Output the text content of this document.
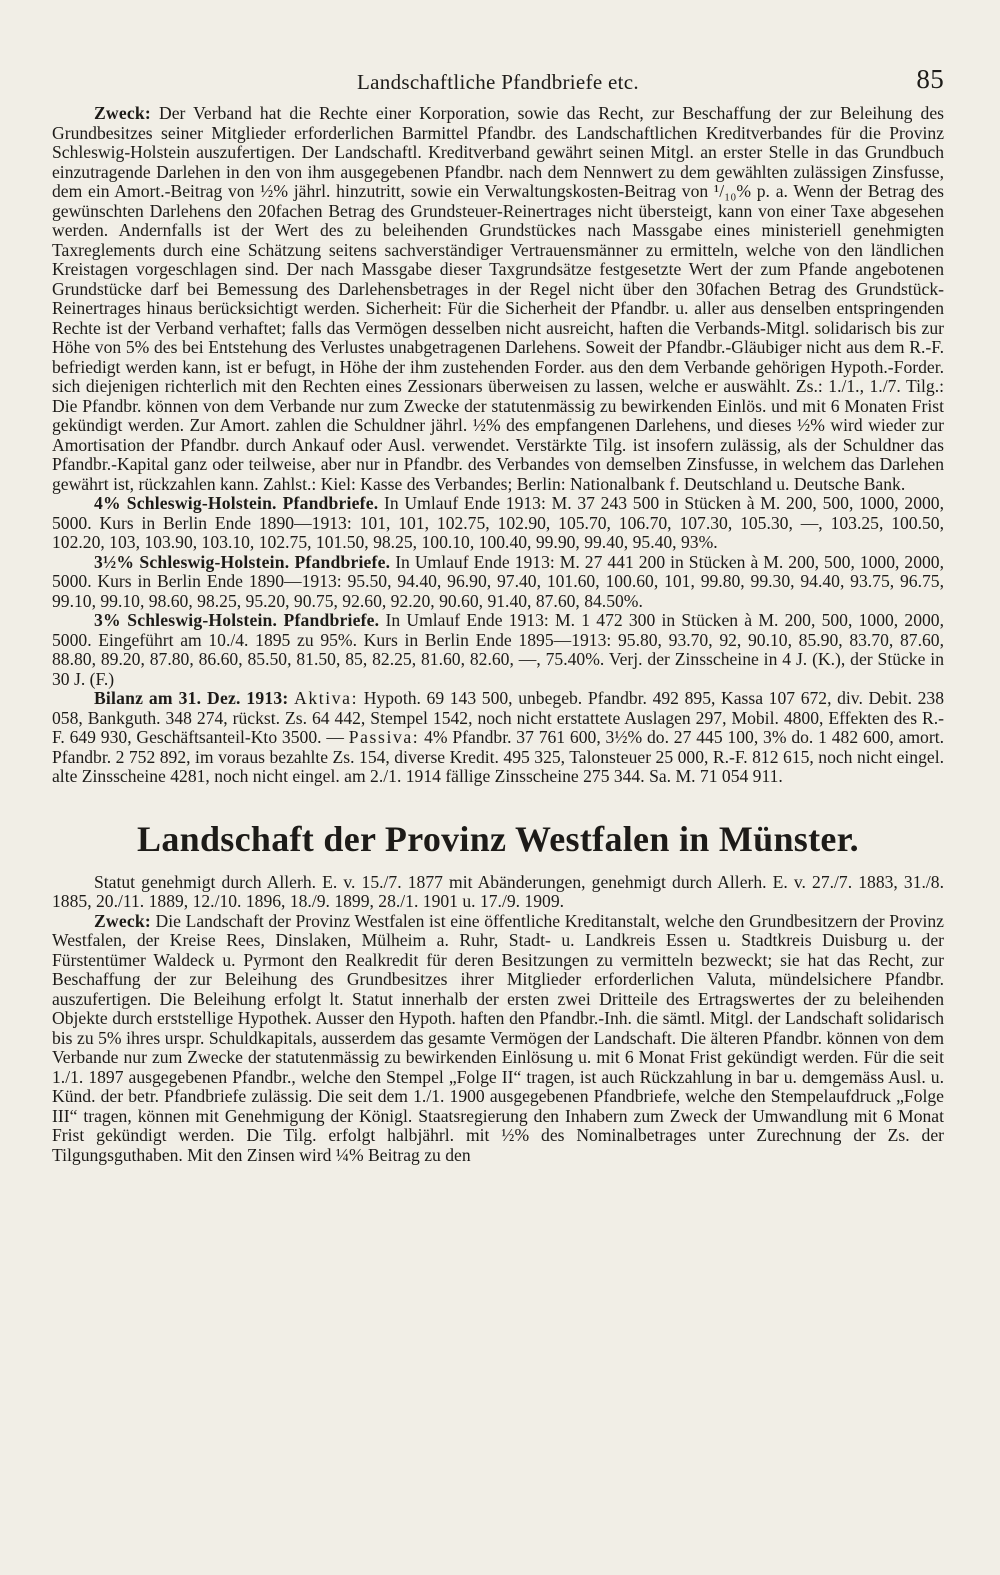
Landschaftliche Pfandbriefe etc.	85

Zweck: Der Verband hat die Rechte einer Korporation, sowie das Recht, zur Beschaffung der zur Beleihung des Grundbesitzes seiner Mitglieder erforderlichen Barmittel Pfandbr. des Landschaftlichen Kreditverbandes für die Provinz Schleswig-Holstein auszufertigen. Der Landschaftl. Kreditverband gewährt seinen Mitgl. an erster Stelle in das Grundbuch einzutragende Darlehen in den von ihm ausgegebenen Pfandbr. nach dem Nennwert zu dem gewählten zulässigen Zinsfusse, dem ein Amort.-Beitrag von ½% jährl. hinzutritt, sowie ein Verwaltungskosten-Beitrag von ¹/₁₀% p. a. Wenn der Betrag des gewünschten Darlehens den 20fachen Betrag des Grundsteuer-Reinertrages nicht übersteigt, kann von einer Taxe abgesehen werden. Andernfalls ist der Wert des zu beleihenden Grundstückes nach Massgabe eines ministeriell genehmigten Taxreglements durch eine Schätzung seitens sachverständiger Vertrauensmänner zu ermitteln, welche von den ländlichen Kreistagen vorgeschlagen sind. Der nach Massgabe dieser Taxgrundsätze festgesetzte Wert der zum Pfande angebotenen Grundstücke darf bei Bemessung des Darlehensbetrages in der Regel nicht über den 30fachen Betrag des Grundstück-Reinertrages hinaus berücksichtigt werden. Sicherheit: Für die Sicherheit der Pfandbr. u. aller aus denselben entspringenden Rechte ist der Verband verhaftet; falls das Vermögen desselben nicht ausreicht, haften die Verbands-Mitgl. solidarisch bis zur Höhe von 5% des bei Entstehung des Verlustes unabgetragenen Darlehens. Soweit der Pfandbr.-Gläubiger nicht aus dem R.-F. befriedigt werden kann, ist er befugt, in Höhe der ihm zustehenden Forder. aus den dem Verbande gehörigen Hypoth.-Forder. sich diejenigen richterlich mit den Rechten eines Zessionars überweisen zu lassen, welche er auswählt. Zs.: 1./1., 1./7. Tilg.: Die Pfandbr. können von dem Verbande nur zum Zwecke der statutenmässig zu bewirkenden Einlös. und mit 6 Monaten Frist gekündigt werden. Zur Amort. zahlen die Schuldner jährl. ½% des empfangenen Darlehens, und dieses ½% wird wieder zur Amortisation der Pfandbr. durch Ankauf oder Ausl. verwendet. Verstärkte Tilg. ist insofern zulässig, als der Schuldner das Pfandbr.-Kapital ganz oder teilweise, aber nur in Pfandbr. des Verbandes von demselben Zinsfusse, in welchem das Darlehen gewährt ist, rückzahlen kann. Zahlst.: Kiel: Kasse des Verbandes; Berlin: Nationalbank f. Deutschland u. Deutsche Bank.

4% Schleswig-Holstein. Pfandbriefe. In Umlauf Ende 1913: M. 37 243 500 in Stücken à M. 200, 500, 1000, 2000, 5000. Kurs in Berlin Ende 1890—1913: 101, 101, 102.75, 102.90, 105.70, 106.70, 107.30, 105.30, —, 103.25, 100.50, 102.20, 103, 103.90, 103.10, 102.75, 101.50, 98.25, 100.10, 100.40, 99.90, 99.40, 95.40, 93%.

3½% Schleswig-Holstein. Pfandbriefe. In Umlauf Ende 1913: M. 27 441 200 in Stücken à M. 200, 500, 1000, 2000, 5000. Kurs in Berlin Ende 1890—1913: 95.50, 94.40, 96.90, 97.40, 101.60, 100.60, 101, 99.80, 99.30, 94.40, 93.75, 96.75, 99.10, 99.10, 98.60, 98.25, 95.20, 90.75, 92.60, 92.20, 90.60, 91.40, 87.60, 84.50%.

3% Schleswig-Holstein. Pfandbriefe. In Umlauf Ende 1913: M. 1 472 300 in Stücken à M. 200, 500, 1000, 2000, 5000. Eingeführt am 10./4. 1895 zu 95%. Kurs in Berlin Ende 1895—1913: 95.80, 93.70, 92, 90.10, 85.90, 83.70, 87.60, 88.80, 89.20, 87.80, 86.60, 85.50, 81.50, 85, 82.25, 81.60, 82.60, —, 75.40%. Verj. der Zinsscheine in 4 J. (K.), der Stücke in 30 J. (F.)

Bilanz am 31. Dez. 1913: Aktiva: Hypoth. 69 143 500, unbegeb. Pfandbr. 492 895, Kassa 107 672, div. Debit. 238 058, Bankguth. 348 274, rückst. Zs. 64 442, Stempel 1542, noch nicht erstattete Auslagen 297, Mobil. 4800, Effekten des R.-F. 649 930, Geschäftsanteil-Kto 3500. — Passiva: 4% Pfandbr. 37 761 600, 3½% do. 27 445 100, 3% do. 1 482 600, amort. Pfandbr. 2 752 892, im voraus bezahlte Zs. 154, diverse Kredit. 495 325, Talonsteuer 25 000, R.-F. 812 615, noch nicht eingel. alte Zinsscheine 4281, noch nicht eingel. am 2./1. 1914 fällige Zinsscheine 275 344. Sa. M. 71 054 911.

Landschaft der Provinz Westfalen in Münster.

Statut genehmigt durch Allerh. E. v. 15./7. 1877 mit Abänderungen, genehmigt durch Allerh. E. v. 27./7. 1883, 31./8. 1885, 20./11. 1889, 12./10. 1896, 18./9. 1899, 28./1. 1901 u. 17./9. 1909.

Zweck: Die Landschaft der Provinz Westfalen ist eine öffentliche Kreditanstalt, welche den Grundbesitzern der Provinz Westfalen, der Kreise Rees, Dinslaken, Mülheim a. Ruhr, Stadt- u. Landkreis Essen u. Stadtkreis Duisburg u. der Fürstentümer Waldeck u. Pyrmont den Realkredit für deren Besitzungen zu vermitteln bezweckt; sie hat das Recht, zur Beschaffung der zur Beleihung des Grundbesitzes ihrer Mitglieder erforderlichen Valuta, mündelsichere Pfandbr. auszufertigen. Die Beleihung erfolgt lt. Statut innerhalb der ersten zwei Dritteile des Ertragswertes der zu beleihenden Objekte durch erststellige Hypothek. Ausser den Hypoth. haften den Pfandbr.-Inh. die sämtl. Mitgl. der Landschaft solidarisch bis zu 5% ihres urspr. Schuldkapitals, ausserdem das gesamte Vermögen der Landschaft. Die älteren Pfandbr. können von dem Verbande nur zum Zwecke der statutenmässig zu bewirkenden Einlösung u. mit 6 Monat Frist gekündigt werden. Für die seit 1./1. 1897 ausgegebenen Pfandbr., welche den Stempel „Folge II“ tragen, ist auch Rückzahlung in bar u. demgemäss Ausl. u. Künd. der betr. Pfandbriefe zulässig. Die seit dem 1./1. 1900 ausgegebenen Pfandbriefe, welche den Stempelaufdruck „Folge III“ tragen, können mit Genehmigung der Königl. Staatsregierung den Inhabern zum Zweck der Umwandlung mit 6 Monat Frist gekündigt werden. Die Tilg. erfolgt halbjährl. mit ½% des Nominalbetrages unter Zurechnung der Zs. der Tilgungsguthaben. Mit den Zinsen wird ¼% Beitrag zu den
